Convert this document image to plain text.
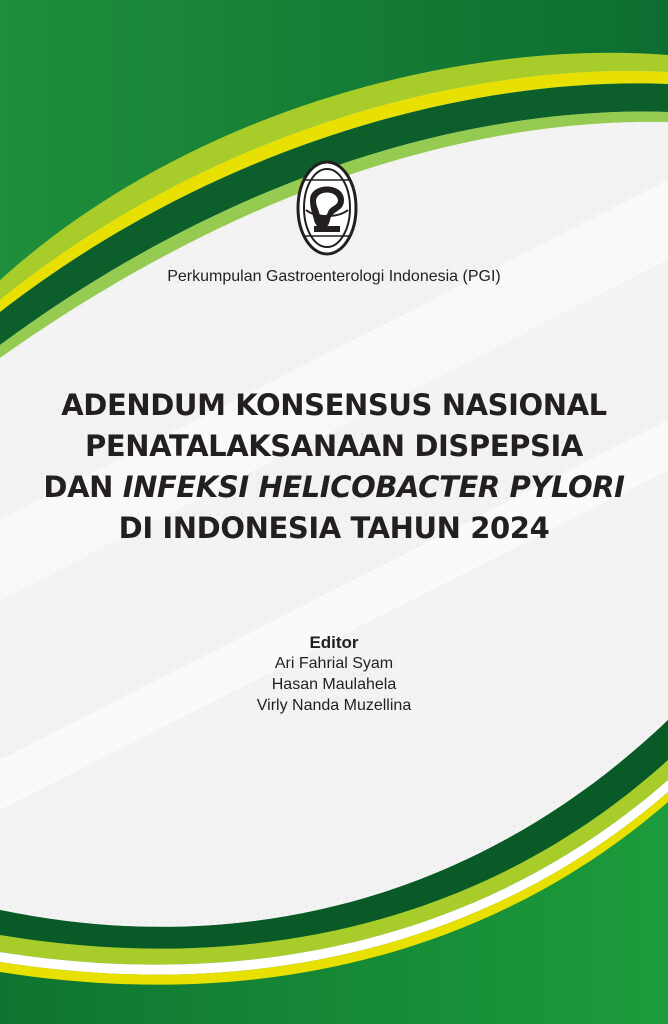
Perkumpulan Gastroenterologi Indonesia (PGI)
ADENDUM KONSENSUS NASIONAL
PENATALAKSANAAN DISPEPSIA
DAN INFEKSI HELICOBACTER PYLORI
DI INDONESIA TAHUN 2024
Editor
Ari Fahrial Syam
Hasan Maulahela
Virly Nanda Muzellina
